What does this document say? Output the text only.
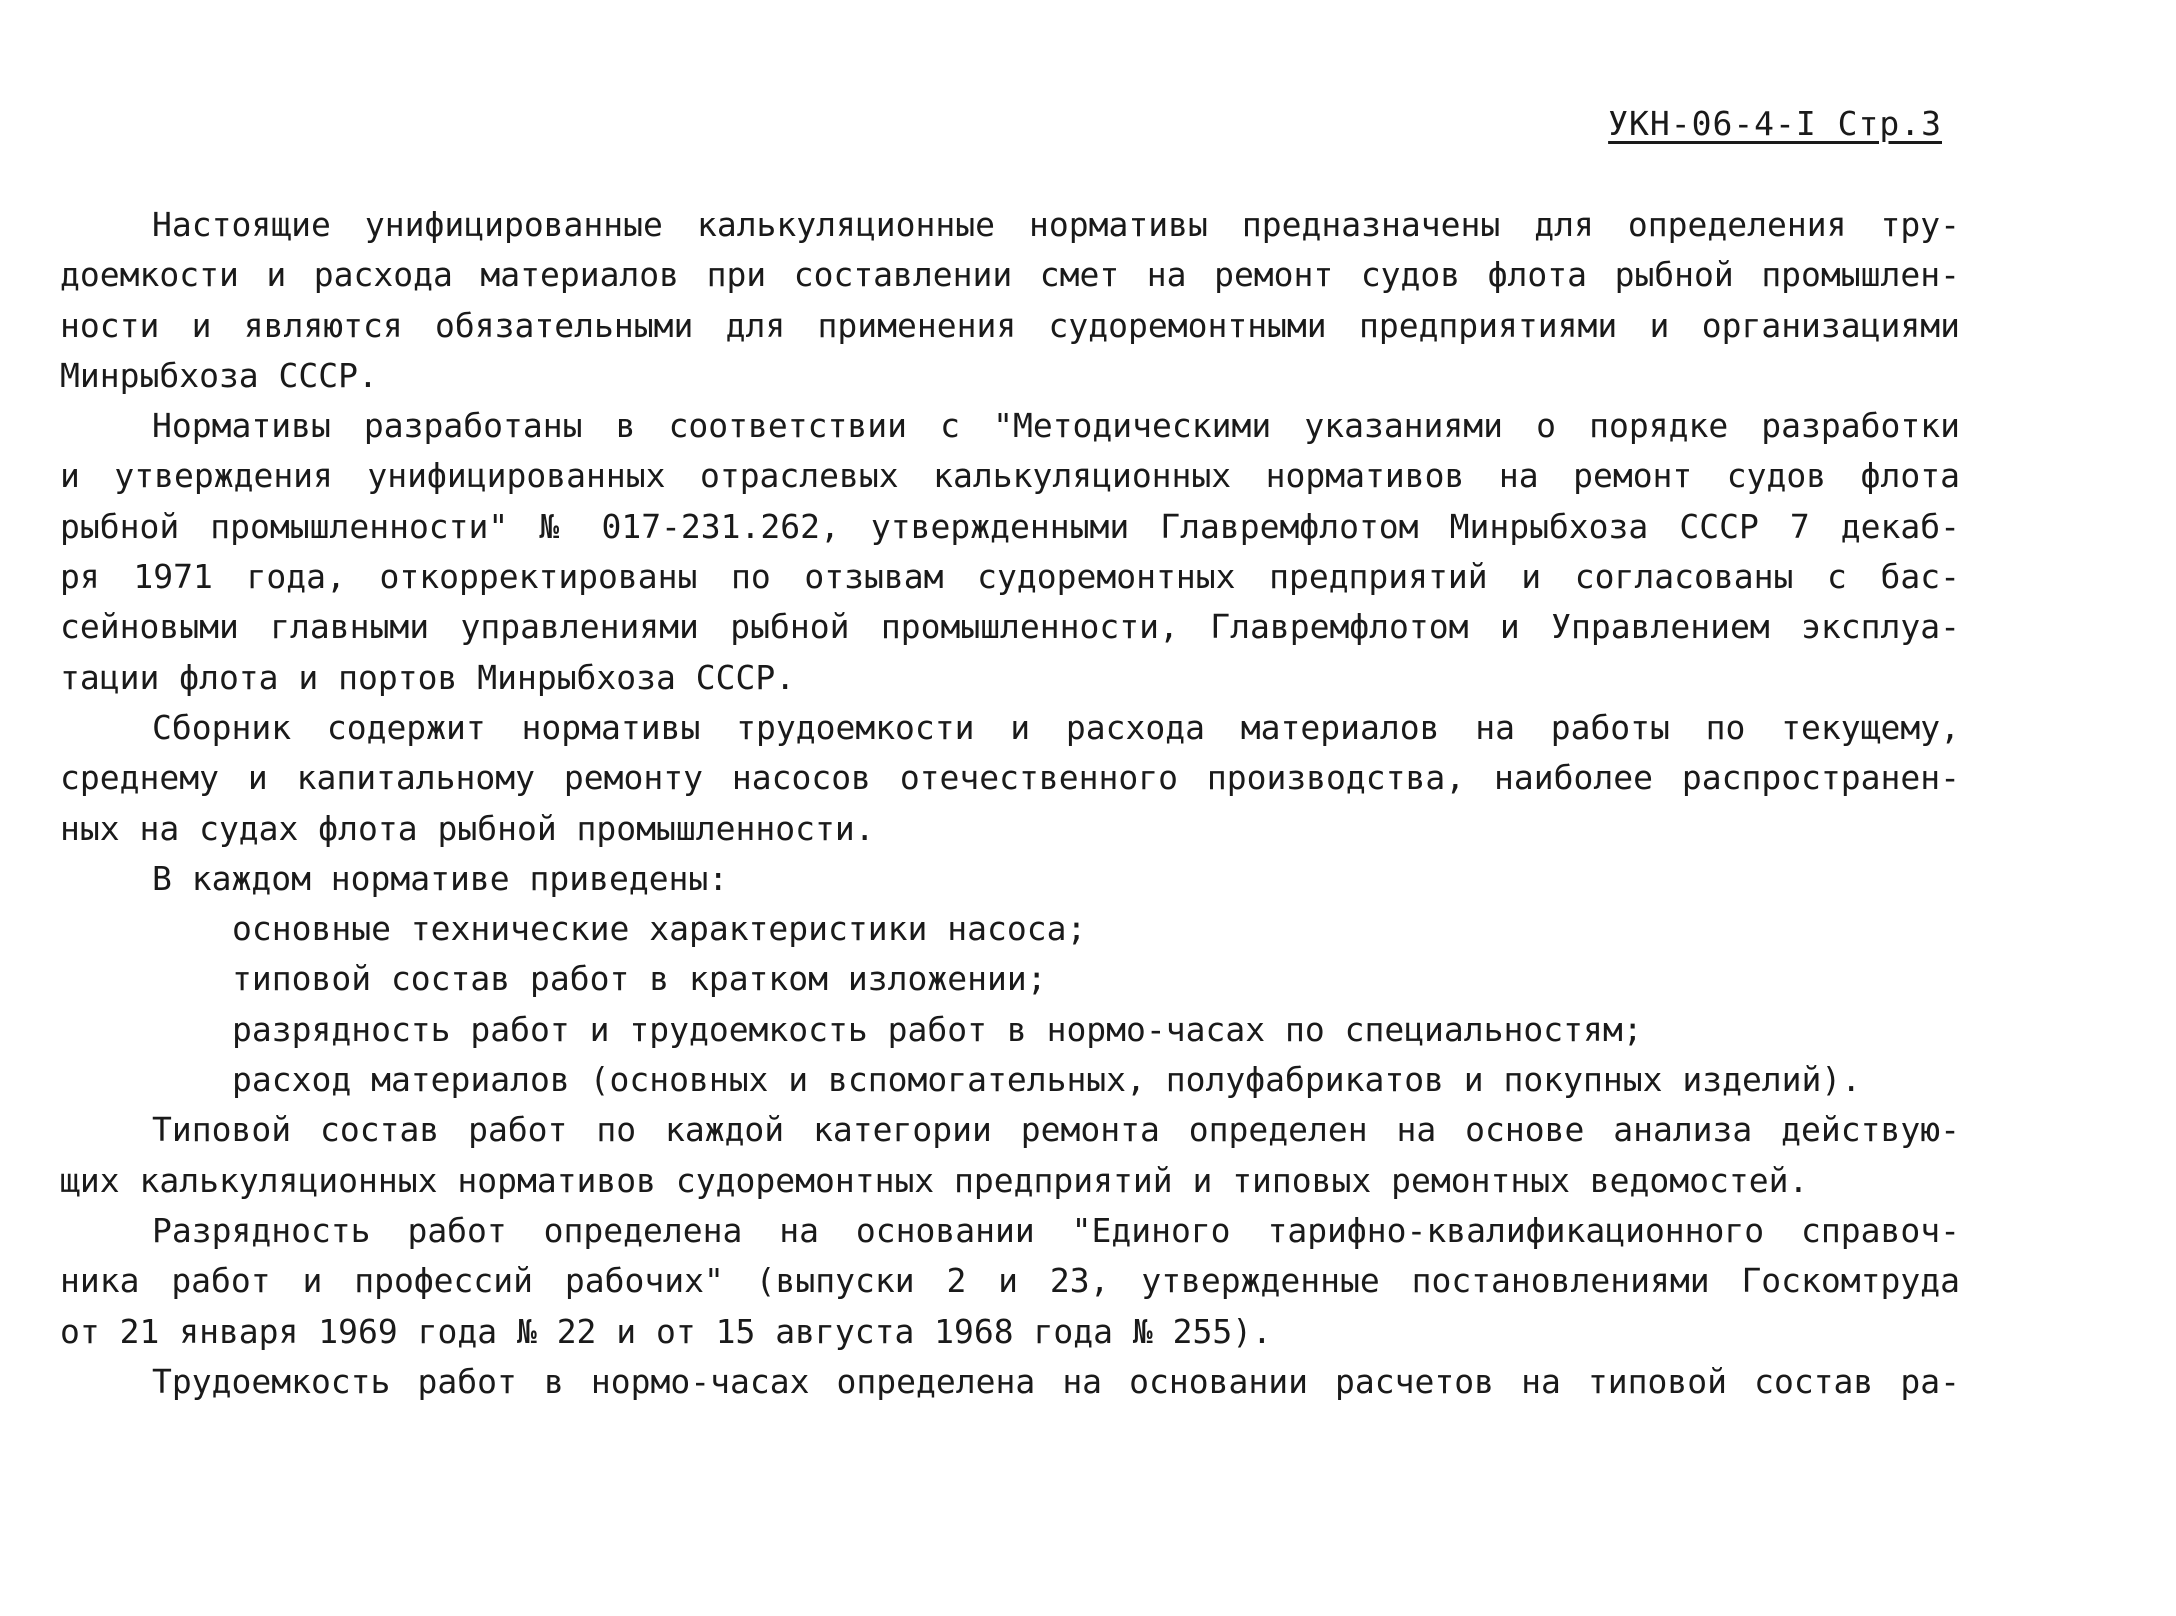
УКН-06-4-I Стр.3
Настоящие унифицированные калькуляционные нормативы предназначены для определения тру-
доемкости и расхода материалов при составлении смет на ремонт судов флота рыбной промышлен-
ности и являются обязательными для применения судоремонтными предприятиями и организациями
Минрыбхоза СССР.
Нормативы разработаны в соответствии с "Методическими указаниями о порядке разработки
и утверждения унифицированных отраслевых калькуляционных нормативов на ремонт судов флота
рыбной промышленности" № 017-231.262, утвержденными Главремфлотом Минрыбхоза СССР 7 декаб-
ря 1971 года, откорректированы по отзывам судоремонтных предприятий и согласованы с бас-
сейновыми главными управлениями рыбной промышленности, Главремфлотом и Управлением эксплуа-
тации флота и портов Минрыбхоза СССР.
Сборник содержит нормативы трудоемкости и расхода материалов на работы по текущему,
среднему и капитальному ремонту насосов отечественного производства, наиболее распространен-
ных на судах флота рыбной промышленности.
В каждом нормативе приведены:
основные технические характеристики насоса;
типовой состав работ в кратком изложении;
разрядность работ и трудоемкость работ в нормо-часах по специальностям;
расход материалов (основных и вспомогательных, полуфабрикатов и покупных изделий).
Типовой состав работ по каждой категории ремонта определен на основе анализа действую-
щих калькуляционных нормативов судоремонтных предприятий и типовых ремонтных ведомостей.
Разрядность работ определена на основании "Единого тарифно-квалификационного справоч-
ника работ и профессий рабочих" (выпуски 2 и 23, утвержденные постановлениями Госкомтруда
от 21 января 1969 года № 22 и от 15 августа 1968 года № 255).
Трудоемкость работ в нормо-часах определена на основании расчетов на типовой состав ра-
